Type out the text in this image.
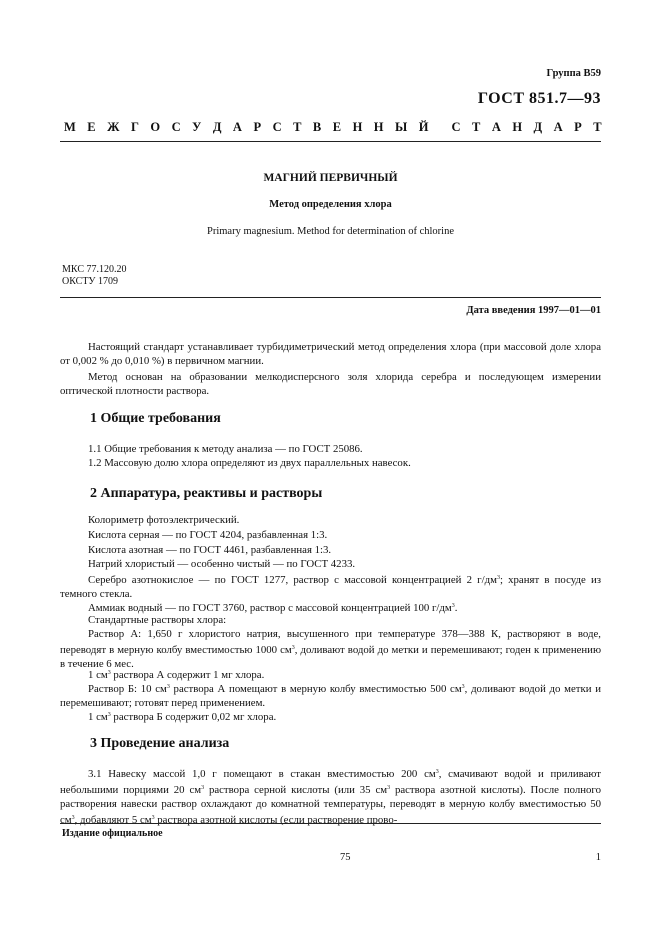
Группа В59
ГОСТ 851.7—93
М Е Ж Г О С У Д А Р С Т В Е Н Н Ы Й С Т А Н Д А Р Т
МАГНИЙ ПЕРВИЧНЫЙ
Метод определения хлора
Primary magnesium. Method for determination of chlorine
МКС 77.120.20
ОКСТУ 1709
Дата введения 1997—01—01
Настоящий стандарт устанавливает турбидиметрический метод определения хлора (при массовой доле хлора от 0,002 % до 0,010 %) в первичном магнии.
Метод основан на образовании мелкодисперсного золя хлорида серебра и последующем измерении оптической плотности раствора.
1 Общие требования
1.1 Общие требования к методу анализа — по ГОСТ 25086.
1.2 Массовую долю хлора определяют из двух параллельных навесок.
2 Аппаратура, реактивы и растворы
Колориметр фотоэлектрический.
Кислота серная — по ГОСТ 4204, разбавленная 1:3.
Кислота азотная — по ГОСТ 4461, разбавленная 1:3.
Натрий хлористый — особенно чистый — по ГОСТ 4233.
Серебро азотнокислое — по ГОСТ 1277, раствор с массовой концентрацией 2 $г/дм^3$; хранят в посуде из темного стекла.
Аммиак водный — по ГОСТ 3760, раствор с массовой концентрацией 100 $г/дм^3$.
Стандартные растворы хлора:
Раствор А: 1,650 г хлористого натрия, высушенного при температуре 378—388 К, растворяют в воде, переводят в мерную колбу вместимостью 1000 $см^3$, доливают водой до метки и перемешивают; годен к применению в течение 6 мес.
1 $см^3$ раствора А содержит 1 мг хлора.
Раствор Б: 10 $см^3$ раствора А помещают в мерную колбу вместимостью 500 $см^3$, доливают водой до метки и перемешивают; готовят перед применением.
1 $см^3$ раствора Б содержит 0,02 мг хлора.
3 Проведение анализа
3.1 Навеску массой 1,0 г помещают в стакан вместимостью 200 $см^3$, смачивают водой и приливают небольшими порциями 20 $см^3$ раствора серной кислоты (или 35 $см^3$ раствора азотной кислоты). После полного растворения навески раствор охлаждают до комнатной температуры, переводят в мерную колбу вместимостью 50 $см^3$, добавляют 5 $см^3$ раствора азотной кислоты (если растворение прово-
Издание официальное
75	1
